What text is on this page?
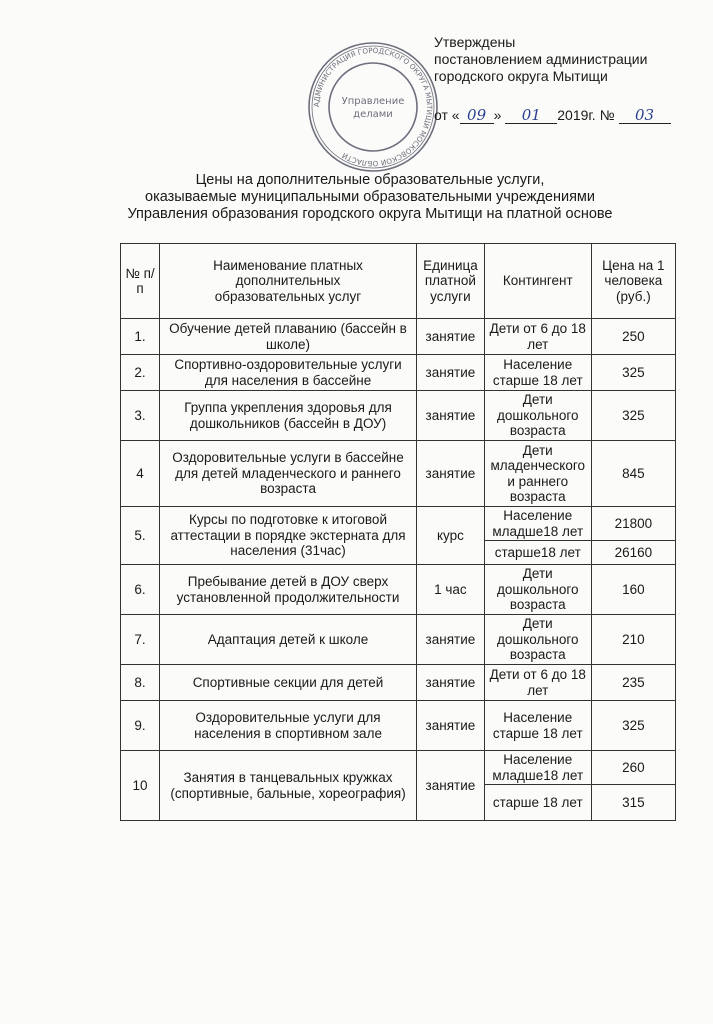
АДМИНИСТРАЦИЯ ГОРОДСКОГО ОКРУГА МЫТИЩИ МОСКОВСКОЙ ОБЛАСТИ
Управление
делами
Утверждены
постановлением администрации
городского округа Мытищи
от « 09 » 01 2019г. № 03
Цены на дополнительные образовательные услуги,
оказываемые муниципальными образовательными учреждениями
Управления образования городского округа Мытищи на платной основе
№ п/п	Наименование платных дополнительных образовательных услуг	Единица платной услуги	Контингент	Цена на 1 человека (руб.)
1.	Обучение детей плаванию (бассейн в школе)	занятие	Дети от 6 до 18 лет	250
2.	Спортивно-оздоровительные услуги для населения в бассейне	занятие	Население старше 18 лет	325
3.	Группа укрепления здоровья для дошкольников (бассейн в ДОУ)	занятие	Дети дошкольного возраста	325
4	Оздоровительные услуги в бассейне для детей младенческого и раннего возраста	занятие	Дети младенческого и раннего возраста	845
5.	Курсы по подготовке к итоговой аттестации в порядке экстерната для населения (31час)	курс	Население младше18 лет	21800
			старше18 лет	26160
6.	Пребывание детей в ДОУ сверх установленной продолжительности	1 час	Дети дошкольного возраста	160
7.	Адаптация детей к школе	занятие	Дети дошкольного возраста	210
8.	Спортивные секции для детей	занятие	Дети от 6 до 18 лет	235
9.	Оздоровительные услуги для населения в спортивном зале	занятие	Население старше 18 лет	325
10	Занятия в танцевальных кружках (спортивные, бальные, хореография)	занятие	Население младше18 лет	260
			старше 18 лет	315
